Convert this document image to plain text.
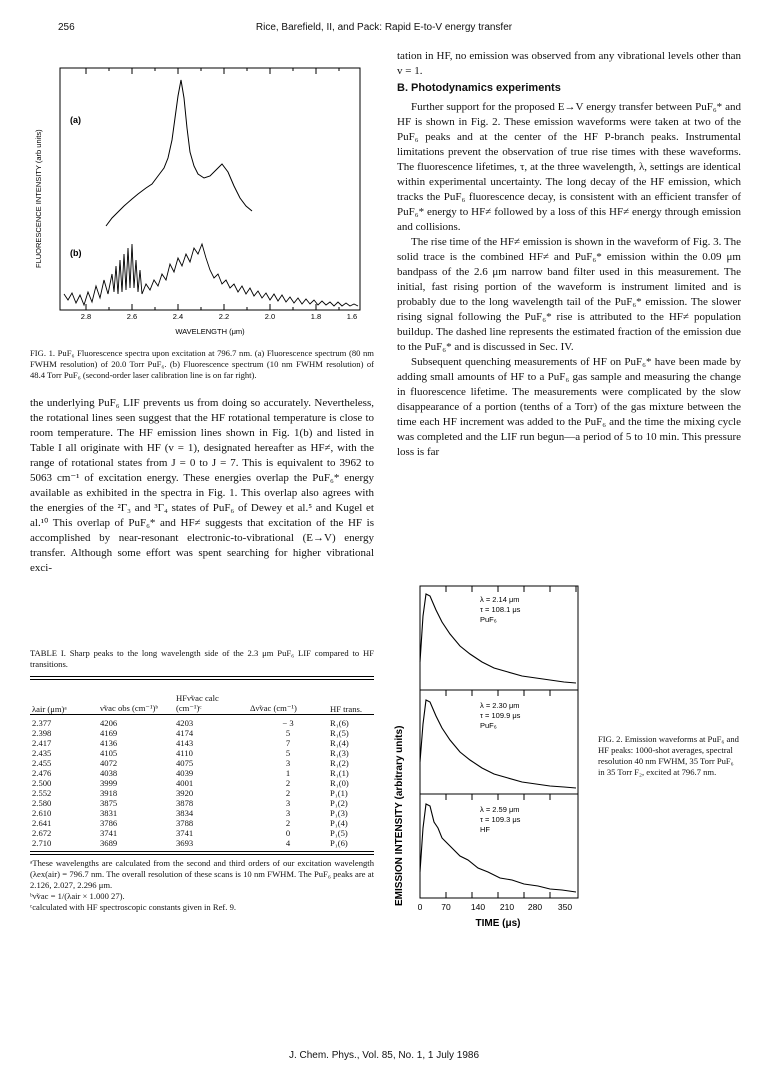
256	Rice, Barefield, II, and Pack: Rapid E-to-V energy transfer
FLUORESCENCE INTENSITY (arb units)
(a)
(b)
2.8	2.6	2.4	2.2	2.0	1.8	1.6
WAVELENGTH (μm)
FIG. 1. PuF₆ Fluorescence spectra upon excitation at 796.7 nm. (a) Fluorescence spectrum (80 nm FWHM resolution) of 20.0 Torr PuF₆. (b) Fluorescence spectrum (10 nm FWHM resolution) of 48.4 Torr PuF₆ (second-order laser calibration line is on far right).
the underlying PuF₆ LIF prevents us from doing so accurately. Nevertheless, the rotational lines seen suggest that the HF rotational temperature is close to room temperature. The HF emission lines shown in Fig. 1(b) and listed in Table I all originate with HF (v = 1), designated hereafter as HF≠, with the range of rotational states from J = 0 to J = 7. This is equivalent to 3962 to 5063 cm⁻¹ of excitation energy. These energies overlap the PuF₆* energy available as exhibited in the spectra in Fig. 1. This overlap also agrees with the energies of the ²Γ₃ and ³Γ₄ states of PuF₆ of Dewey et al.⁵ and Kugel et al.¹⁰ This overlap of PuF₆* and HF≠ suggests that excitation of the HF is accomplished by near-resonant electronic-to-vibrational (E→V) energy transfer. Although some effort was spent searching for higher vibrational exci-
TABLE I. Sharp peaks to the long wavelength side of the 2.3 μm PuF₆ LIF compared to HF transitions.
λair (μm)ᵃ	ν̃vac obs (cm⁻¹)ᵇ	HFν̃vac calc (cm⁻¹)ᶜ	Δν̃vac (cm⁻¹)	HF trans.
2.377	4206	4203	− 3	R₁(6)
2.398	4169	4174	5	R₁(5)
2.417	4136	4143	7	R₁(4)
2.435	4105	4110	5	R₁(3)
2.455	4072	4075	3	R₁(2)
2.476	4038	4039	1	R₁(1)
2.500	3999	4001	2	R₁(0)
2.552	3918	3920	2	P₁(1)
2.580	3875	3878	3	P₁(2)
2.610	3831	3834	3	P₁(3)
2.641	3786	3788	2	P₁(4)
2.672	3741	3741	0	P₁(5)
2.710	3689	3693	4	P₁(6)
ᵃThese wavelengths are calculated from the second and third orders of our excitation wavelength (λex(air) = 796.7 nm. The overall resolution of these scans is 10 nm FWHM. The PuF₆ peaks are at 2.126, 2.027, 2.296 μm.
ᵇν̃vac = 1/(λair × 1.000 27).
ᶜcalculated with HF spectroscopic constants given in Ref. 9.

tation in HF, no emission was observed from any vibrational levels other than v = 1.

B. Photodynamics experiments

Further support for the proposed E→V energy transfer between PuF₆* and HF is shown in Fig. 2. These emission waveforms were taken at two of the PuF₆ peaks and at the center of the HF P-branch peaks. Instrumental limitations prevent the observation of true rise times with these waveforms. The fluorescence lifetimes, τ, at the three wavelength, λ, settings are identical within experimental uncertainty. The long decay of the HF emission, which tracks the PuF₆ fluorescence decay, is consistent with an efficient transfer of PuF₆* energy to HF≠ followed by a loss of this HF≠ energy through emission and collisions.

The rise time of the HF≠ emission is shown in the waveform of Fig. 3. The solid trace is the combined HF≠ and PuF₆* emission within the 0.09 μm bandpass of the 2.6 μm narrow band filter used in this measurement. The initial, fast rising portion of the waveform is instrument limited and is probably due to the long wavelength tail of the PuF₆* emission. The slower rising signal following the PuF₆* rise is attributed to the HF≠ population buildup. The dashed line represents the estimated fraction of the emission due to the PuF₆* and is discussed in Sec. IV.

Subsequent quenching measurements of HF on PuF₆* have been made by adding small amounts of HF to a PuF₆ gas sample and measuring the change in fluorescence lifetime. The measurements were complicated by the slow disappearance of a portion (tenths of a Torr) of the gas mixture between the time each HF increment was added to the PuF₆ and the time the mixing cycle was completed and the LIF run begun—a period of 5 to 10 min. This pressure loss is far

EMISSION INTENSITY (arbitrary units)
λ = 2.14 μm
τ = 108.1 μs
PuF₆
λ = 2.30 μm
τ = 109.9 μs
PuF₆
λ = 2.59 μm
τ = 109.3 μs
HF
0 70 140 210 280 350
TIME (μs)
FIG. 2. Emission waveforms at PuF₆ and HF peaks: 1000-shot averages, spectral resolution 40 nm FWHM, 35 Torr PuF₆ in 35 Torr F₂, excited at 796.7 nm.
J. Chem. Phys., Vol. 85, No. 1, 1 July 1986
